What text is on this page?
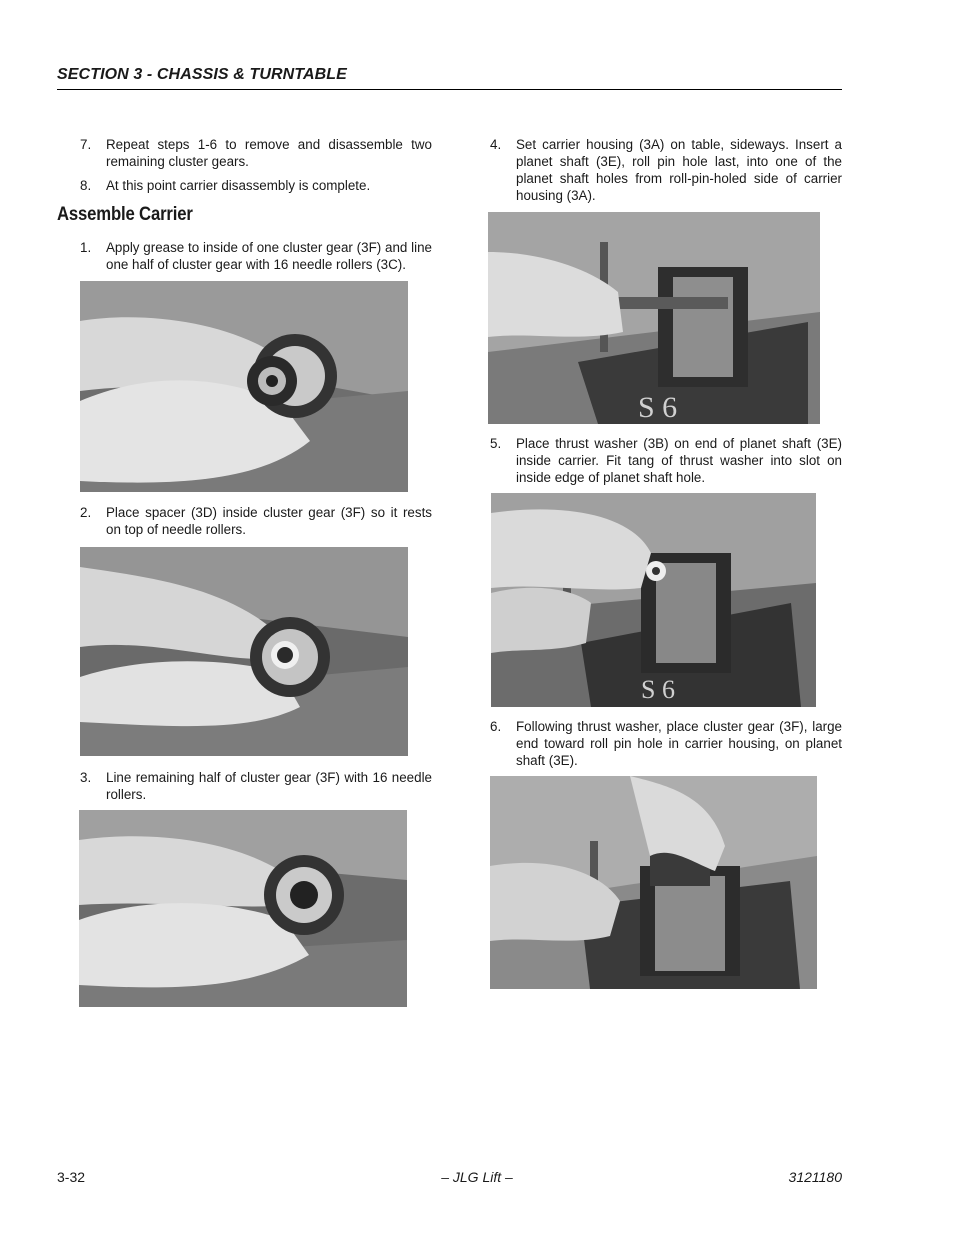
SECTION 3 - CHASSIS & TURNTABLE
7. Repeat steps 1-6 to remove and disassemble two remaining cluster gears.
8. At this point carrier disassembly is complete.
Assemble Carrier
1. Apply grease to inside of one cluster gear (3F) and line one half of cluster gear with 16 needle rollers (3C).
2. Place spacer (3D) inside cluster gear (3F) so it rests on top of needle rollers.
3. Line remaining half of cluster gear (3F) with 16 needle rollers.
4. Set carrier housing (3A) on table, sideways. Insert a planet shaft (3E), roll pin hole last, into one of the planet shaft holes from roll-pin-holed side of carrier housing (3A).
S 6
5. Place thrust washer (3B) on end of planet shaft (3E) inside carrier. Fit tang of thrust washer into slot on inside edge of planet shaft hole.
S 6
6. Following thrust washer, place cluster gear (3F), large end toward roll pin hole in carrier housing, on planet shaft (3E).
3-32	– JLG Lift –	3121180
